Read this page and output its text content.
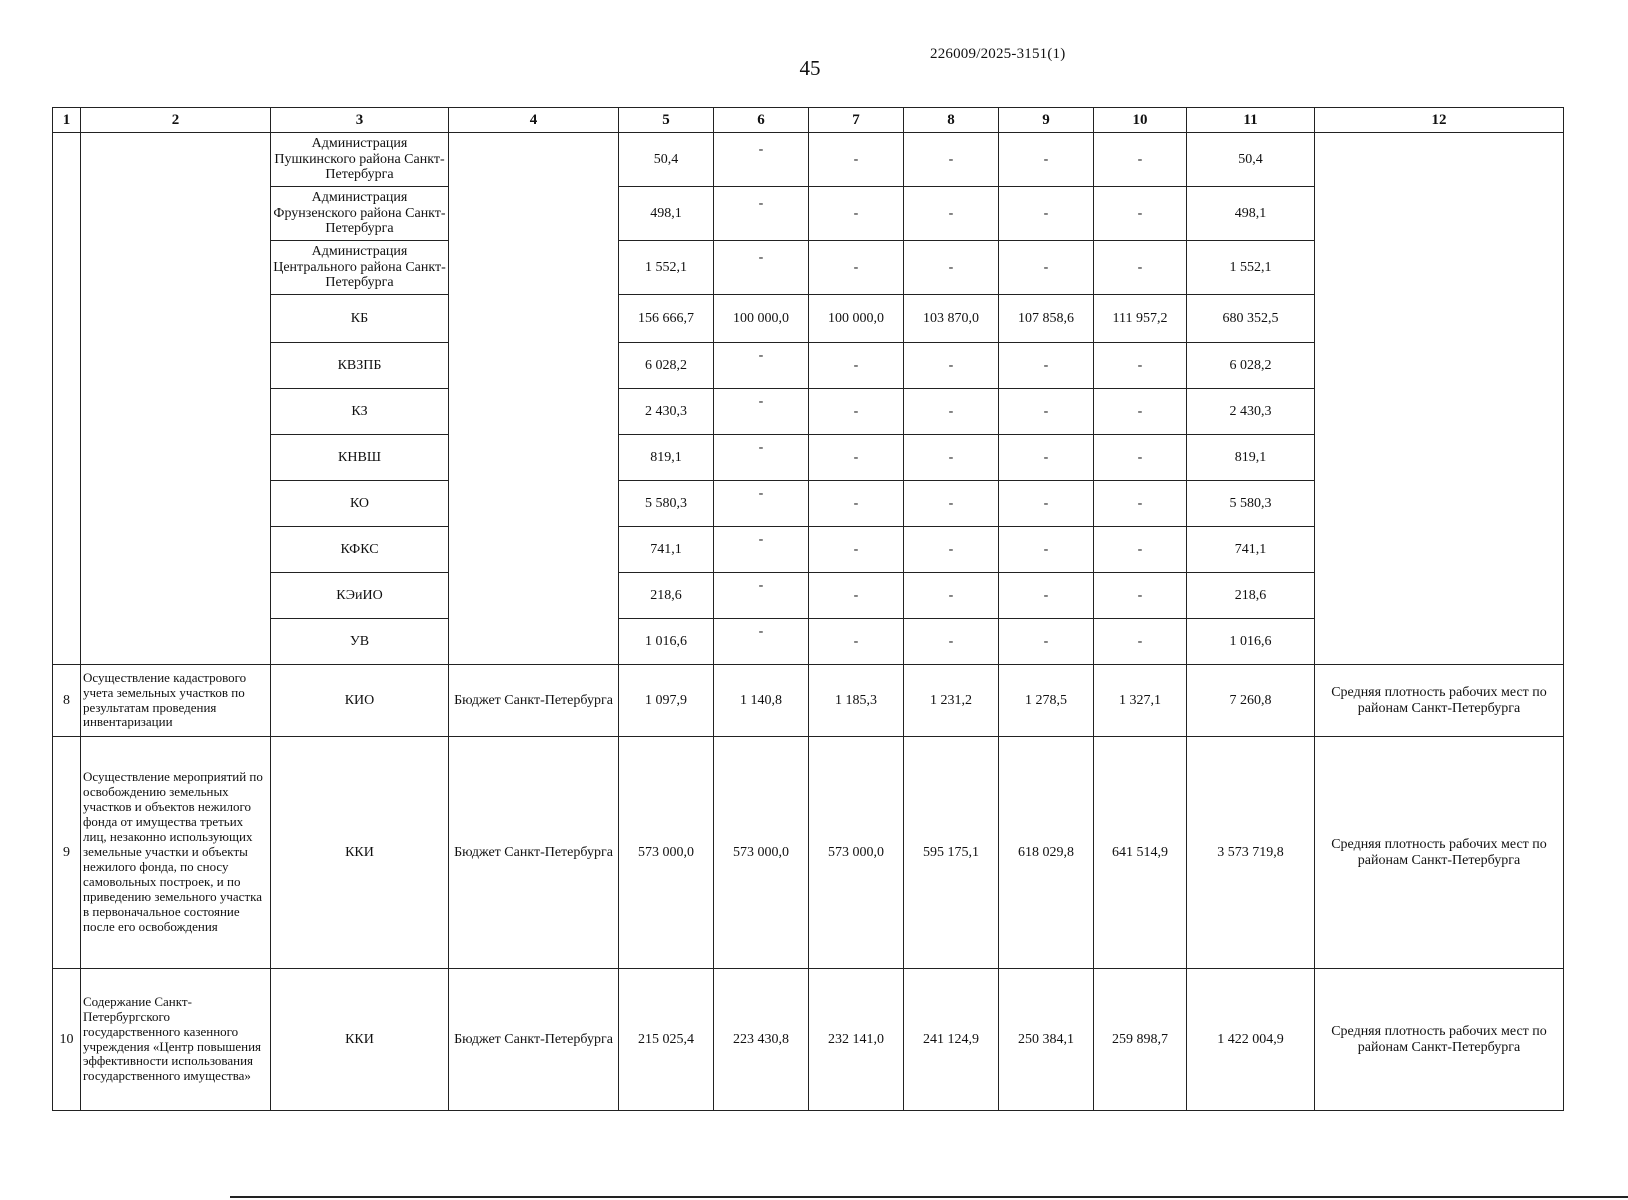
45
226009/2025-3151(1)
1	2	3	4	5	6	7	8	9	10	11	12
		Администрация Пушкинского района Санкт-Петербурга		50,4	-	-	-	-	-	50,4	
		Администрация Фрунзенского района Санкт-Петербурга		498,1	-	-	-	-	-	498,1	
		Администрация Центрального района Санкт-Петербурга		1 552,1	-	-	-	-	-	1 552,1	
		КБ		156 666,7	100 000,0	100 000,0	103 870,0	107 858,6	111 957,2	680 352,5	
		КВЗПБ		6 028,2	-	-	-	-	-	6 028,2	
		КЗ		2 430,3	-	-	-	-	-	2 430,3	
		КНВШ		819,1	-	-	-	-	-	819,1	
		КО		5 580,3	-	-	-	-	-	5 580,3	
		КФКС		741,1	-	-	-	-	-	741,1	
		КЭиИО		218,6	-	-	-	-	-	218,6	
		УВ		1 016,6	-	-	-	-	-	1 016,6	
8	Осуществление кадастрового учета земельных участков по результатам проведения инвентаризации	КИО	Бюджет Санкт-Петербурга	1 097,9	1 140,8	1 185,3	1 231,2	1 278,5	1 327,1	7 260,8	Средняя плотность рабочих мест по районам Санкт-Петербурга
9	Осуществление мероприятий по освобождению земельных участков и объектов нежилого фонда от имущества третьих лиц, незаконно использующих земельные участки и объекты нежилого фонда, по сносу самовольных построек, и по приведению земельного участка в первоначальное состояние после его освобождения	ККИ	Бюджет Санкт-Петербурга	573 000,0	573 000,0	573 000,0	595 175,1	618 029,8	641 514,9	3 573 719,8	Средняя плотность рабочих мест по районам Санкт-Петербурга
10	Содержание Санкт-Петербургского государственного казенного учреждения «Центр повышения эффективности использования государственного имущества»	ККИ	Бюджет Санкт-Петербурга	215 025,4	223 430,8	232 141,0	241 124,9	250 384,1	259 898,7	1 422 004,9	Средняя плотность рабочих мест по районам Санкт-Петербурга
